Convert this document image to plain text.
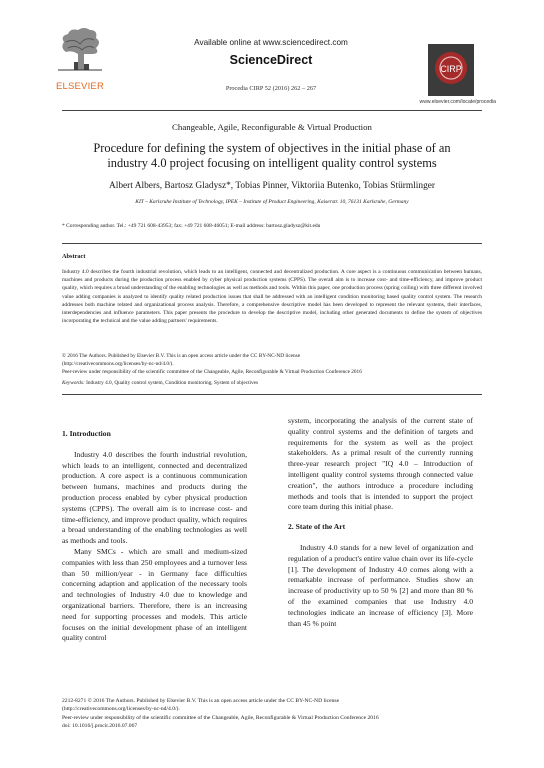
ELSEVIER
Available online at www.sciencedirect.com
ScienceDirect
Procedia CIRP 52 (2016) 262 – 267
CIRP
www.elsevier.com/locate/procedia
Changeable, Agile, Reconfigurable & Virtual Production
Procedure for defining the system of objectives in the initial phase of an
industry 4.0 project focusing on intelligent quality control systems
Albert Albers, Bartosz Gladysz*, Tobias Pinner, Viktoriia Butenko, Tobias Stürmlinger
KIT – Karlsruhe Institute of Technology, IPEK – Institute of Product Engineering, Kaiserstr. 10, 76131 Karlsruhe, Germany
* Corresponding author. Tel.: +49 721 608-43953; fax: +49 721 608-46051; E-mail address: bartosz.gladysz@kit.edu
Abstract
Industry 4.0 describes the fourth industrial revolution, which leads to an intelligent, connected and decentralized production. A core aspect is a continuous communication between humans, machines and products during the production process enabled by cyber physical production systems (CPPS). The overall aim is to increase cost- and time-efficiency, and improve product quality, which requires a broad understanding of the enabling technologies as well as methods and tools. Within this paper, one production process (spring coiling) with three different involved value adding companies is analyzed to identify quality related production issues that shall be addressed with an intelligent condition monitoring based quality control system. The research addresses both machine related and organizational process analysis. Therefore, a comprehensive descriptive model has been developed to represent the relevant systems, their interfaces, interdependencies and influence parameters. This paper presents the procedure to develop the descriptive model, including other generated documents to define the system of objectives incorporating the technical and the value adding partners' requirements.
© 2016 The Authors. Published by Elsevier B.V. This is an open access article under the CC BY-NC-ND license
(http://creativecommons.org/licenses/by-nc-nd/4.0/).
Peer-review under responsibility of the scientific committee of the Changeable, Agile, Reconfigurable & Virtual Production Conference 2016
Keywords: Industry 4.0, Quality control system, Condition monitoring, System of objectives
1. Introduction

Industry 4.0 describes the fourth industrial revolution, which leads to an intelligent, connected and decentralized production. A core aspect is a continuous communication between humans, machines and products during the production process enabled by cyber physical production systems (CPPS). The overall aim is to increase cost- and time-efficiency, and improve product quality, which requires a broad understanding of the enabling technologies as well as methods and tools.

Many SMCs - which are small and medium-sized companies with less than 250 employees and a turnover less than 50 million/year - in Germany face difficulties concerning adaption and application of the necessary tools and technologies of Industry 4.0 due to knowledge and organizational barriers. Therefore, there is an increasing need for supporting processes and models. This article focuses on the initial development phase of an intelligent quality control

system, incorporating the analysis of the current state of quality control systems and the definition of targets and requirements for the system as well as the project stakeholders. As a primal result of the currently running three-year research project "IQ 4.0 – Introduction of intelligent quality control systems through connected value creation", the authors introduce a procedure including methods and tools that is intended to support the project core team during this initial phase.

2. State of the Art

Industry 4.0 stands for a new level of organization and regulation of a product's entire value chain over its life-cycle [1]. The development of Industry 4.0 comes along with a remarkable increase of performance. Studies show an increase of productivity up to 50 % [2] and more than 80 % of the examined companies that use Industry 4.0 technologies indicate an increase of efficiency [3]. More than 45 % point

2212-8271 © 2016 The Authors. Published by Elsevier B.V. This is an open access article under the CC BY-NC-ND license
(http://creativecommons.org/licenses/by-nc-nd/4.0/).
Peer-review under responsibility of the scientific committee of the Changeable, Agile, Reconfigurable & Virtual Production Conference 2016
doi: 10.1016/j.procir.2016.07.067
